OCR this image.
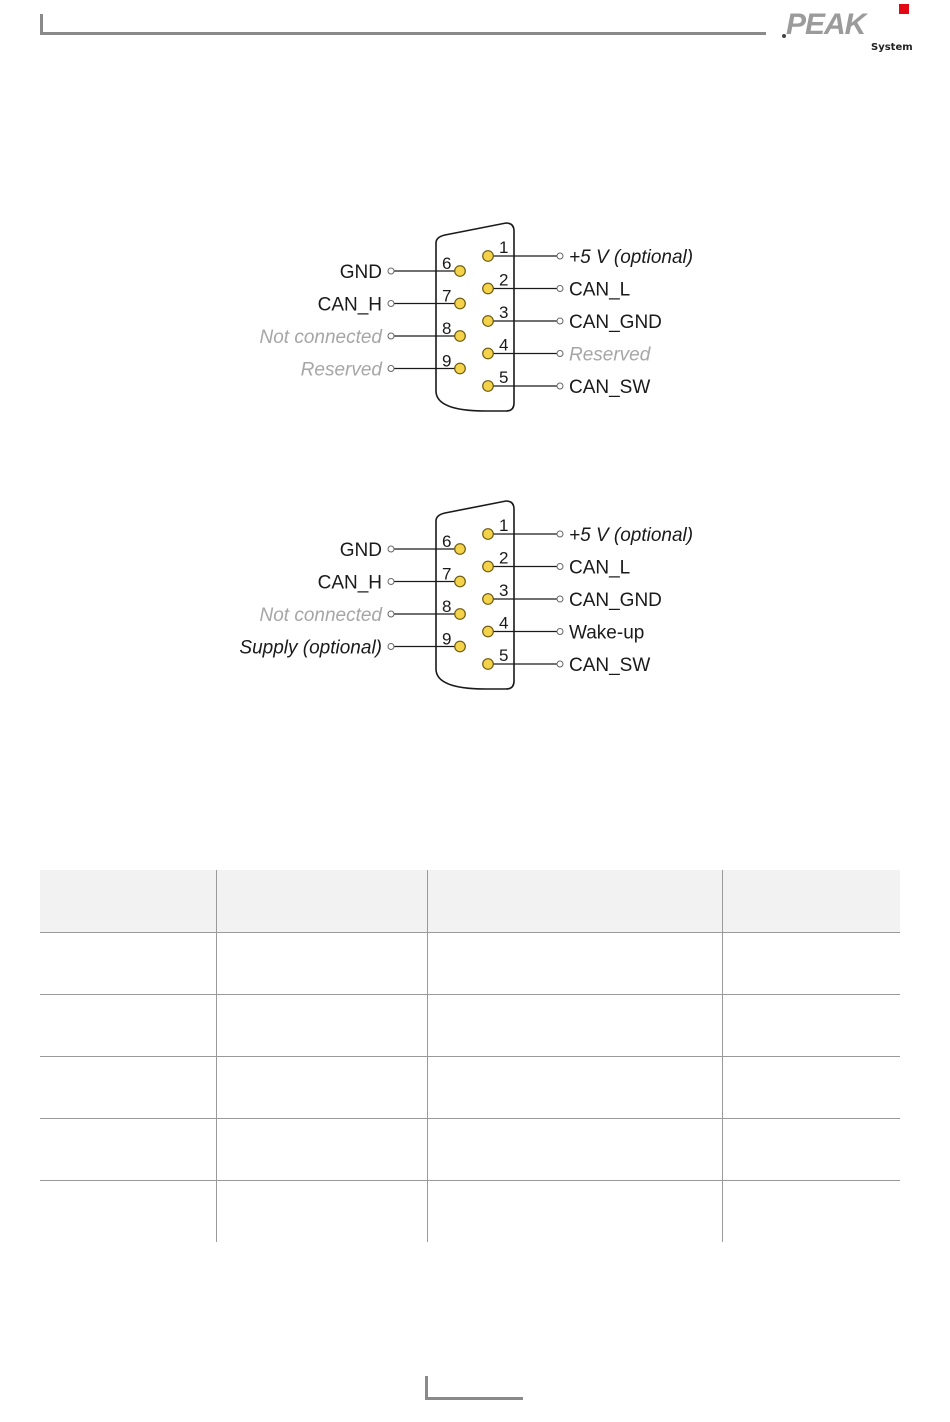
PEAK
System
1	+5 V (optional)
2	CAN_L
3	CAN_GND
4	Reserved
5	CAN_SW
6
GND
7
CAN_H
8
Not connected
9
Reserved
1	+5 V (optional)
2	CAN_L
3	CAN_GND
4	Wake-up
5	CAN_SW
6
GND
7
CAN_H
8
Not connected
9
Supply (optional)
